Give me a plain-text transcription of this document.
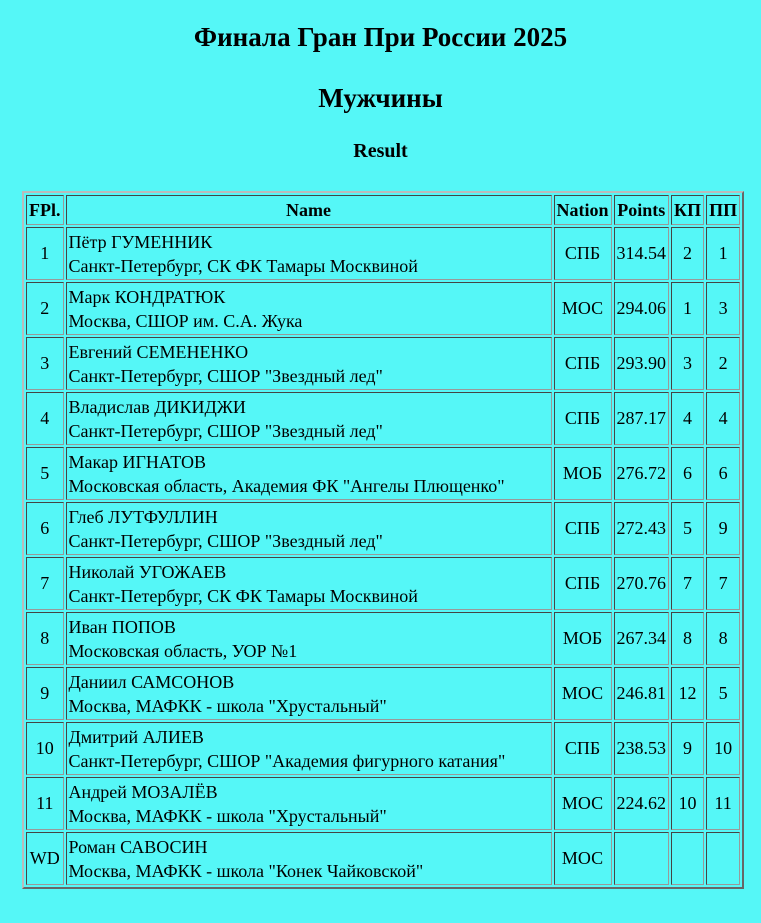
Финала Гран При России 2025
Мужчины
Result
FPl.	Name	Nation	Points	КП	ПП
1	Пётр ГУМЕННИК
Санкт-Петербург, СК ФК Тамары Москвиной	СПБ	314.54	2	1
2	Марк КОНДРАТЮК
Москва, СШОР им. С.А. Жука	МОС	294.06	1	3
3	Евгений СЕМЕНЕНКО
Санкт-Петербург, СШОР "Звездный лед"	СПБ	293.90	3	2
4	Владислав ДИКИДЖИ
Санкт-Петербург, СШОР "Звездный лед"	СПБ	287.17	4	4
5	Макар ИГНАТОВ
Московская область, Академия ФК "Ангелы Плющенко"	МОБ	276.72	6	6
6	Глеб ЛУТФУЛЛИН
Санкт-Петербург, СШОР "Звездный лед"	СПБ	272.43	5	9
7	Николай УГОЖАЕВ
Санкт-Петербург, СК ФК Тамары Москвиной	СПБ	270.76	7	7
8	Иван ПОПОВ
Московская область, УОР №1	МОБ	267.34	8	8
9	Даниил САМСОНОВ
Москва, МАФКК - школа "Хрустальный"	МОС	246.81	12	5
10	Дмитрий АЛИЕВ
Санкт-Петербург, СШОР "Академия фигурного катания"	СПБ	238.53	9	10
11	Андрей МОЗАЛЁВ
Москва, МАФКК - школа "Хрустальный"	МОС	224.62	10	11
WD	Роман САВОСИН
Москва, МАФКК - школа "Конек Чайковской"	МОС			
